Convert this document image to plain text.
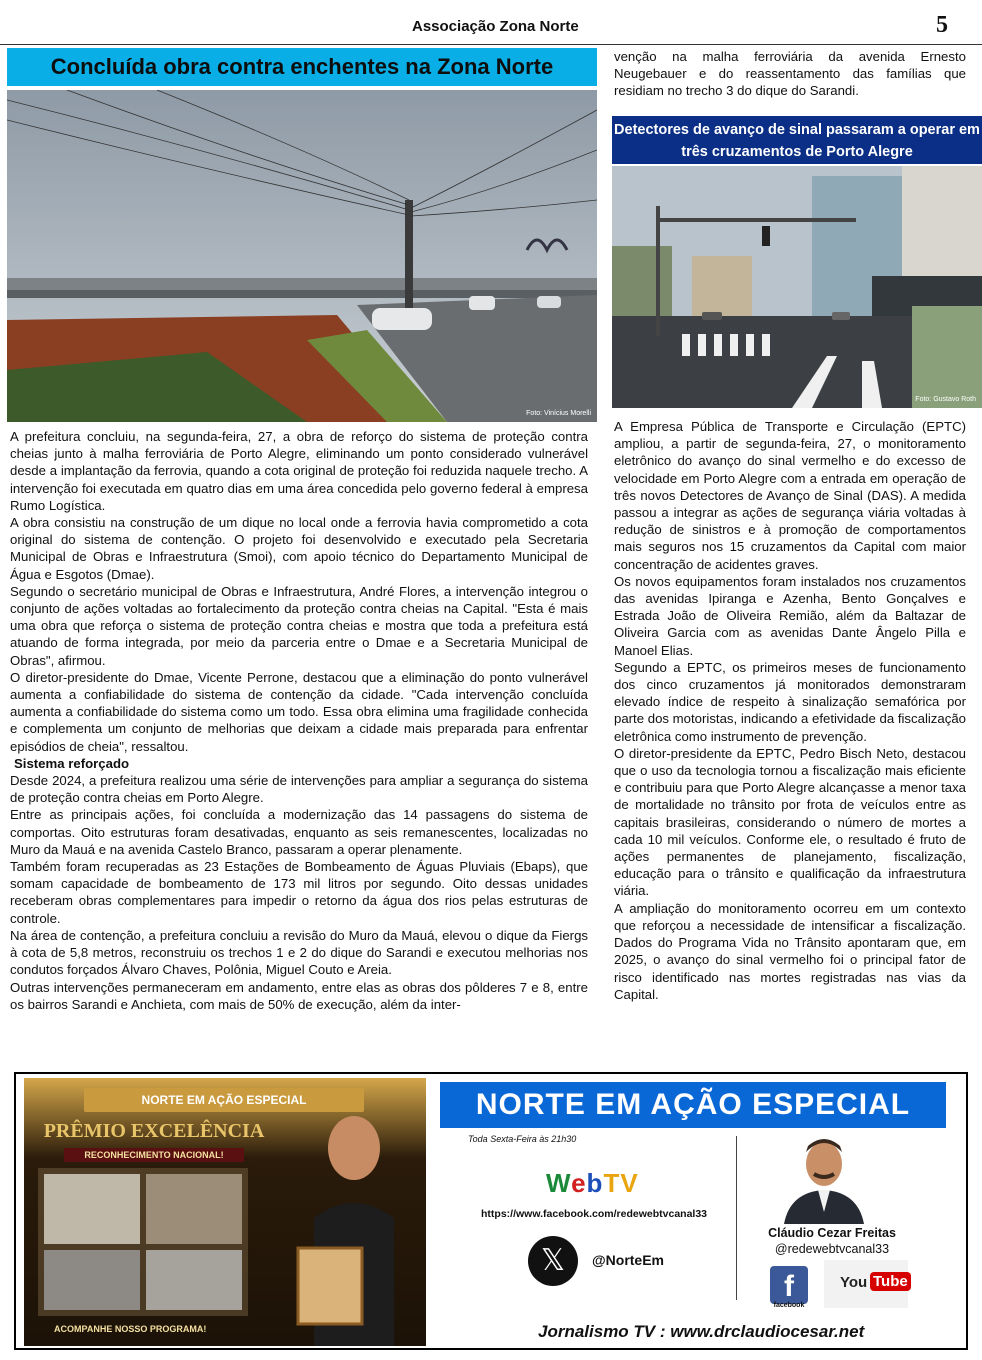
Associação Zona Norte	5
Concluída obra contra enchentes na Zona Norte
Foto: Vinícius Morelli

A prefeitura concluiu, na segunda-feira, 27, a obra de reforço do sistema de proteção contra cheias junto à malha ferroviária de Porto Alegre, eliminando um ponto considerado vulnerável desde a implantação da ferrovia, quando a cota original de proteção foi reduzida naquele trecho. A intervenção foi executada em quatro dias em uma área concedida pelo governo federal à empresa Rumo Logística.

A obra consistiu na construção de um dique no local onde a ferrovia havia comprometido a cota original do sistema de contenção. O projeto foi desenvolvido e executado pela Secretaria Municipal de Obras e Infraestrutura (Smoi), com apoio técnico do Departamento Municipal de Água e Esgotos (Dmae).

Segundo o secretário municipal de Obras e Infraestrutura, André Flores, a intervenção integrou o conjunto de ações voltadas ao fortalecimento da proteção contra cheias na Capital. "Esta é mais uma obra que reforça o sistema de proteção contra cheias e mostra que toda a prefeitura está atuando de forma integrada, por meio da parceria entre o Dmae e a Secretaria Municipal de Obras", afirmou.

O diretor-presidente do Dmae, Vicente Perrone, destacou que a eliminação do ponto vulnerável aumenta a confiabilidade do sistema de contenção da cidade. "Cada intervenção concluída aumenta a confiabilidade do sistema como um todo. Essa obra elimina uma fragilidade conhecida e complementa um conjunto de melhorias que deixam a cidade mais preparada para enfrentar episódios de cheia", ressaltou.

Sistema reforçado

Desde 2024, a prefeitura realizou uma série de intervenções para ampliar a segurança do sistema de proteção contra cheias em Porto Alegre.

Entre as principais ações, foi concluída a modernização das 14 passagens do sistema de comportas. Oito estruturas foram desativadas, enquanto as seis remanescentes, localizadas no Muro da Mauá e na avenida Castelo Branco, passaram a operar plenamente.

Também foram recuperadas as 23 Estações de Bombeamento de Águas Pluviais (Ebaps), que somam capacidade de bombeamento de 173 mil litros por segundo. Oito dessas unidades receberam obras complementares para impedir o retorno da água dos rios pelas estruturas de controle.

Na área de contenção, a prefeitura concluiu a revisão do Muro da Mauá, elevou o dique da Fiergs à cota de 5,8 metros, reconstruiu os trechos 1 e 2 do dique do Sarandi e executou melhorias nos condutos forçados Álvaro Chaves, Polônia, Miguel Couto e Areia.

Outras intervenções permaneceram em andamento, entre elas as obras dos pôlderes 7 e 8, entre os bairros Sarandi e Anchieta, com mais de 50% de execução, além da inter-

venção na malha ferroviária da avenida Ernesto Neugebauer e do reassentamento das famílias que residiam no trecho 3 do dique do Sarandi.

Detectores de avanço de sinal passaram a operar em três cruzamentos de Porto Alegre
Foto: Gustavo Roth

A Empresa Pública de Transporte e Circulação (EPTC) ampliou, a partir de segunda-feira, 27, o monitoramento eletrônico do avanço do sinal vermelho e do excesso de velocidade em Porto Alegre com a entrada em operação de três novos Detectores de Avanço de Sinal (DAS). A medida passou a integrar as ações de segurança viária voltadas à redução de sinistros e à promoção de comportamentos mais seguros nos 15 cruzamentos da Capital com maior concentração de acidentes graves.

Os novos equipamentos foram instalados nos cruzamentos das avenidas Ipiranga e Azenha, Bento Gonçalves e Estrada João de Oliveira Remião, além da Baltazar de Oliveira Garcia com as avenidas Dante Ângelo Pilla e Manoel Elias.

Segundo a EPTC, os primeiros meses de funcionamento dos cinco cruzamentos já monitorados demonstraram elevado índice de respeito à sinalização semafórica por parte dos motoristas, indicando a efetividade da fiscalização eletrônica como instrumento de prevenção.

O diretor-presidente da EPTC, Pedro Bisch Neto, destacou que o uso da tecnologia tornou a fiscalização mais eficiente e contribuiu para que Porto Alegre alcançasse a menor taxa de mortalidade no trânsito por frota de veículos entre as capitais brasileiras, considerando o número de mortes a cada 10 mil veículos. Conforme ele, o resultado é fruto de ações permanentes de planejamento, fiscalização, educação para o trânsito e qualificação da infraestrutura viária.

A ampliação do monitoramento ocorreu em um contexto que reforçou a necessidade de intensificar a fiscalização. Dados do Programa Vida no Trânsito apontaram que, em 2025, o avanço do sinal vermelho foi o principal fator de risco identificado nas mortes registradas nas vias da Capital.

NORTE EM AÇÃO ESPECIAL
PRÊMIO EXCELÊNCIA
RECONHECIMENTO NACIONAL!
ACOMPANHE NOSSO PROGRAMA!
NORTE EM AÇÃO ESPECIAL
Toda Sexta-Feira às 21h30
WebTV
https://www.facebook.com/redewebtvcanal33
𝕏	@NorteEm
Cláudio Cezar Freitas
@redewebtvcanal33
f
facebook
You Tube
Jornalismo TV : www.drclaudiocesar.net
